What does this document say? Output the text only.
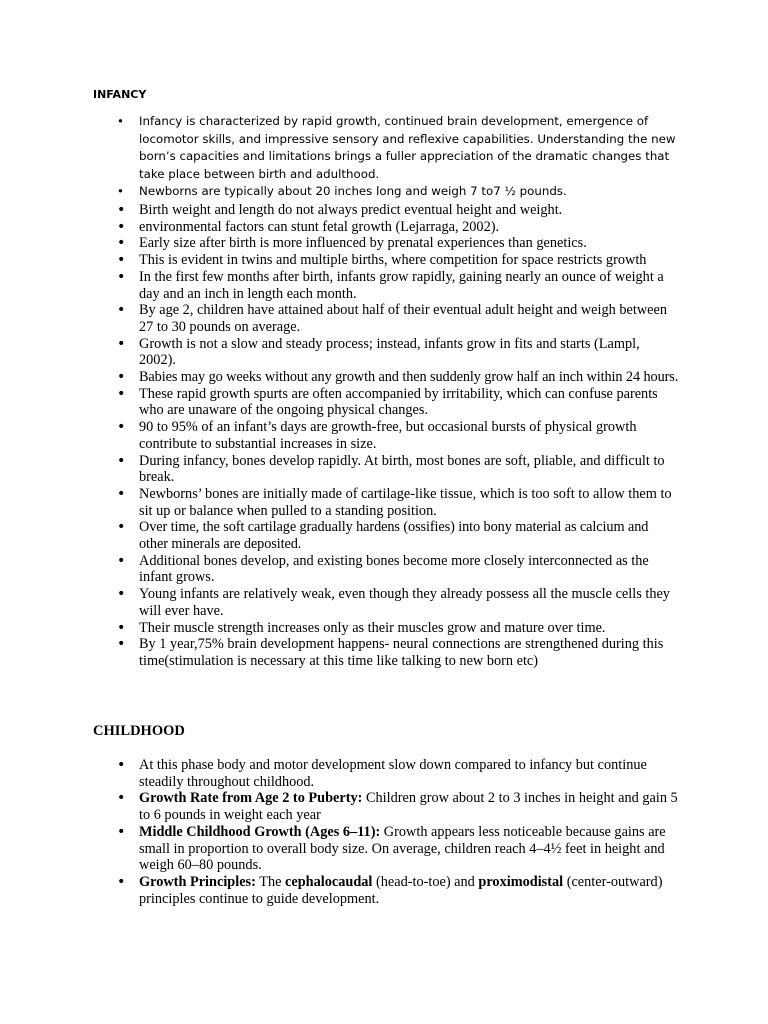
INFANCY
• Infancy is characterized by rapid growth, continued brain development, emergence of locomotor skills, and impressive sensory and reflexive capabilities. Understanding the new born’s capacities and limitations brings a fuller appreciation of the dramatic changes that take place between birth and adulthood.
• Newborns are typically about 20 inches long and weigh 7 to7 ½ pounds.
• Birth weight and length do not always predict eventual height and weight.
• environmental factors can stunt fetal growth (Lejarraga, 2002).
• Early size after birth is more influenced by prenatal experiences than genetics.
• This is evident in twins and multiple births, where competition for space restricts growth
• In the first few months after birth, infants grow rapidly, gaining nearly an ounce of weight a day and an inch in length each month.
• By age 2, children have attained about half of their eventual adult height and weigh between 27 to 30 pounds on average.
• Growth is not a slow and steady process; instead, infants grow in fits and starts (Lampl, 2002).
• Babies may go weeks without any growth and then suddenly grow half an inch within 24 hours.
• These rapid growth spurts are often accompanied by irritability, which can confuse parents who are unaware of the ongoing physical changes.
• 90 to 95% of an infant’s days are growth-free, but occasional bursts of physical growth contribute to substantial increases in size.
• During infancy, bones develop rapidly. At birth, most bones are soft, pliable, and difficult to break.
• Newborns’ bones are initially made of cartilage-like tissue, which is too soft to allow them to sit up or balance when pulled to a standing position.
• Over time, the soft cartilage gradually hardens (ossifies) into bony material as calcium and other minerals are deposited.
• Additional bones develop, and existing bones become more closely interconnected as the infant grows.
• Young infants are relatively weak, even though they already possess all the muscle cells they will ever have.
• Their muscle strength increases only as their muscles grow and mature over time.
• By 1 year,75% brain development happens- neural connections are strengthened during this time(stimulation is necessary at this time like talking to new born etc)
CHILDHOOD
• At this phase body and motor development slow down compared to infancy but continue steadily throughout childhood.
• Growth Rate from Age 2 to Puberty: Children grow about 2 to 3 inches in height and gain 5 to 6 pounds in weight each year
• Middle Childhood Growth (Ages 6–11): Growth appears less noticeable because gains are small in proportion to overall body size. On average, children reach 4–4½ feet in height and weigh 60–80 pounds.
• Growth Principles: The cephalocaudal (head-to-toe) and proximodistal (center-outward) principles continue to guide development.
